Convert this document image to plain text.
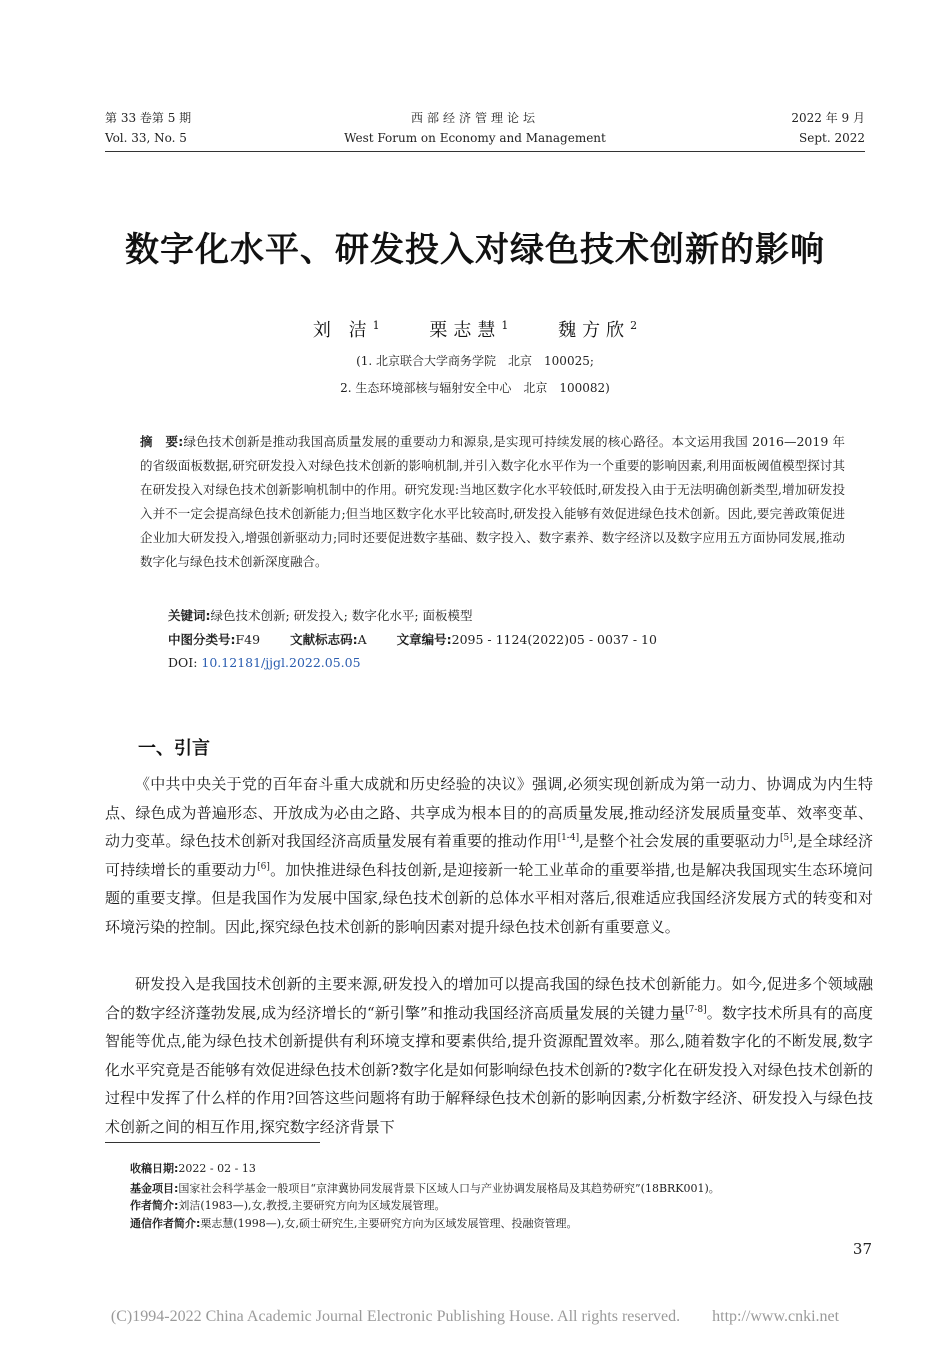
第 33 卷第 5 期
Vol. 33, No. 5
西部经济管理论坛
West Forum on Economy and Management
2022 年 9 月
Sept. 2022
数字化水平、研发投入对绿色技术创新的影响
刘 洁$^1$	栗志慧$^1$	魏方欣$^2$
(1. 北京联合大学商务学院　北京　100025;
2. 生态环境部核与辐射安全中心　北京　100082)
摘　要:绿色技术创新是推动我国高质量发展的重要动力和源泉,是实现可持续发展的核心路径。本文运用我国 2016—2019 年的省级面板数据,研究研发投入对绿色技术创新的影响机制,并引入数字化水平作为一个重要的影响因素,利用面板阈值模型探讨其在研发投入对绿色技术创新影响机制中的作用。研究发现:当地区数字化水平较低时,研发投入由于无法明确创新类型,增加研发投入并不一定会提高绿色技术创新能力;但当地区数字化水平比较高时,研发投入能够有效促进绿色技术创新。因此,要完善政策促进企业加大研发投入,增强创新驱动力;同时还要促进数字基础、数字投入、数字素养、数字经济以及数字应用五方面协同发展,推动数字化与绿色技术创新深度融合。
关键词:绿色技术创新; 研发投入; 数字化水平; 面板模型
中图分类号:F49 文献标志码:A 文章编号:2095 - 1124(2022)05 - 0037 - 10
DOI: 10.12181/jjgl.2022.05.05
一、引言

《中共中央关于党的百年奋斗重大成就和历史经验的决议》强调,必须实现创新成为第一动力、协调成为内生特点、绿色成为普遍形态、开放成为必由之路、共享成为根本目的的高质量发展,推动经济发展质量变革、效率变革、动力变革。绿色技术创新对我国经济高质量发展有着重要的推动作用[1-4],是整个社会发展的重要驱动力[5],是全球经济可持续增长的重要动力[6]。加快推进绿色科技创新,是迎接新一轮工业革命的重要举措,也是解决我国现实生态环境问题的重要支撑。但是我国作为发展中国家,绿色技术创新的总体水平相对落后,很难适应我国经济发展方式的转变和对环境污染的控制。因此,探究绿色技术创新的影响因素对提升绿色技术创新有重要意义。

研发投入是我国技术创新的主要来源,研发投入的增加可以提高我国的绿色技术创新能力。如今,促进多个领域融合的数字经济蓬勃发展,成为经济增长的“新引擎”和推动我国经济高质量发展的关键力量[7-8]。数字技术所具有的高度智能等优点,能为绿色技术创新提供有利环境支撑和要素供给,提升资源配置效率。那么,随着数字化的不断发展,数字化水平究竟是否能够有效促进绿色技术创新?数字化是如何影响绿色技术创新的?数字化在研发投入对绿色技术创新的过程中发挥了什么样的作用?回答这些问题将有助于解释绿色技术创新的影响因素,分析数字经济、研发投入与绿色技术创新之间的相互作用,探究数字经济背景下

收稿日期:2022 - 02 - 13
基金项目:国家社会科学基金一般项目“京津冀协同发展背景下区域人口与产业协调发展格局及其趋势研究”(18BRK001)。
作者简介:刘洁(1983—),女,教授,主要研究方向为区域发展管理。
通信作者简介:栗志慧(1998—),女,硕士研究生,主要研究方向为区域发展管理、投融资管理。
37
(C)1994-2022 China Academic Journal Electronic Publishing House. All rights reserved.　　http://www.cnki.net
